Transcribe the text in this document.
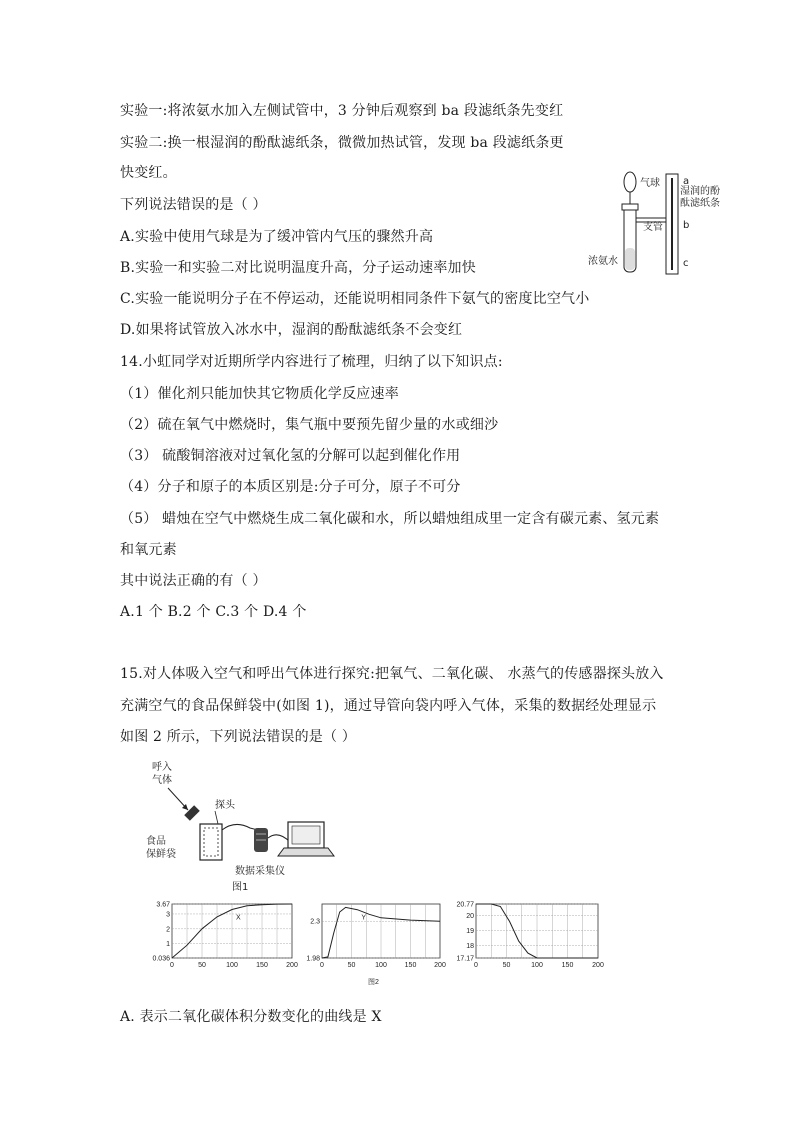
实验一:将浓氨水加入左侧试管中，3 分钟后观察到 ba 段滤纸条先变红
实验二:换一根湿润的酚酞滤纸条，微微加热试管，发现 ba 段滤纸条更
快变红。
下列说法错误的是（ ）
A.实验中使用气球是为了缓冲管内气压的骤然升高
B.实验一和实验二对比说明温度升高，分子运动速率加快
C.实验一能说明分子在不停运动，还能说明相同条件下氨气的密度比空气小
D.如果将试管放入冰水中，湿润的酚酞滤纸条不会变红
气球 a
湿润的酚
酞滤纸条
支管 b
c
浓氨水
14.小虹同学对近期所学内容进行了梳理，归纳了以下知识点:
（1）催化剂只能加快其它物质化学反应速率
（2）硫在氧气中燃烧时，集气瓶中要预先留少量的水或细沙
（3） 硫酸铜溶液对过氧化氢的分解可以起到催化作用
（4）分子和原子的本质区别是:分子可分，原子不可分
（5） 蜡烛在空气中燃烧生成二氧化碳和水，所以蜡烛组成里一定含有碳元素、氢元素
和氧元素
其中说法正确的有（ ）
A.1 个 B.2 个 C.3 个 D.4 个
15.对人体吸入空气和呼出气体进行探究:把氧气、二氧化碳、 水蒸气的传感器探头放入
充满空气的食品保鲜袋中(如图 1)，通过导管向袋内呼入气体，采集的数据经处理显示
如图 2 所示，下列说法错误的是（ ）
呼入
气体
探头
食品
保鲜袋
数据采集仪
图1
3.67
3
2
1
0.036
0	50	100	150	200
X
2.3
1.98
0	50	100	150	200
Y
20.77
20
19
18
17.17
0	50	100	150	200
图2
A. 表示二氧化碳体积分数变化的曲线是 X
